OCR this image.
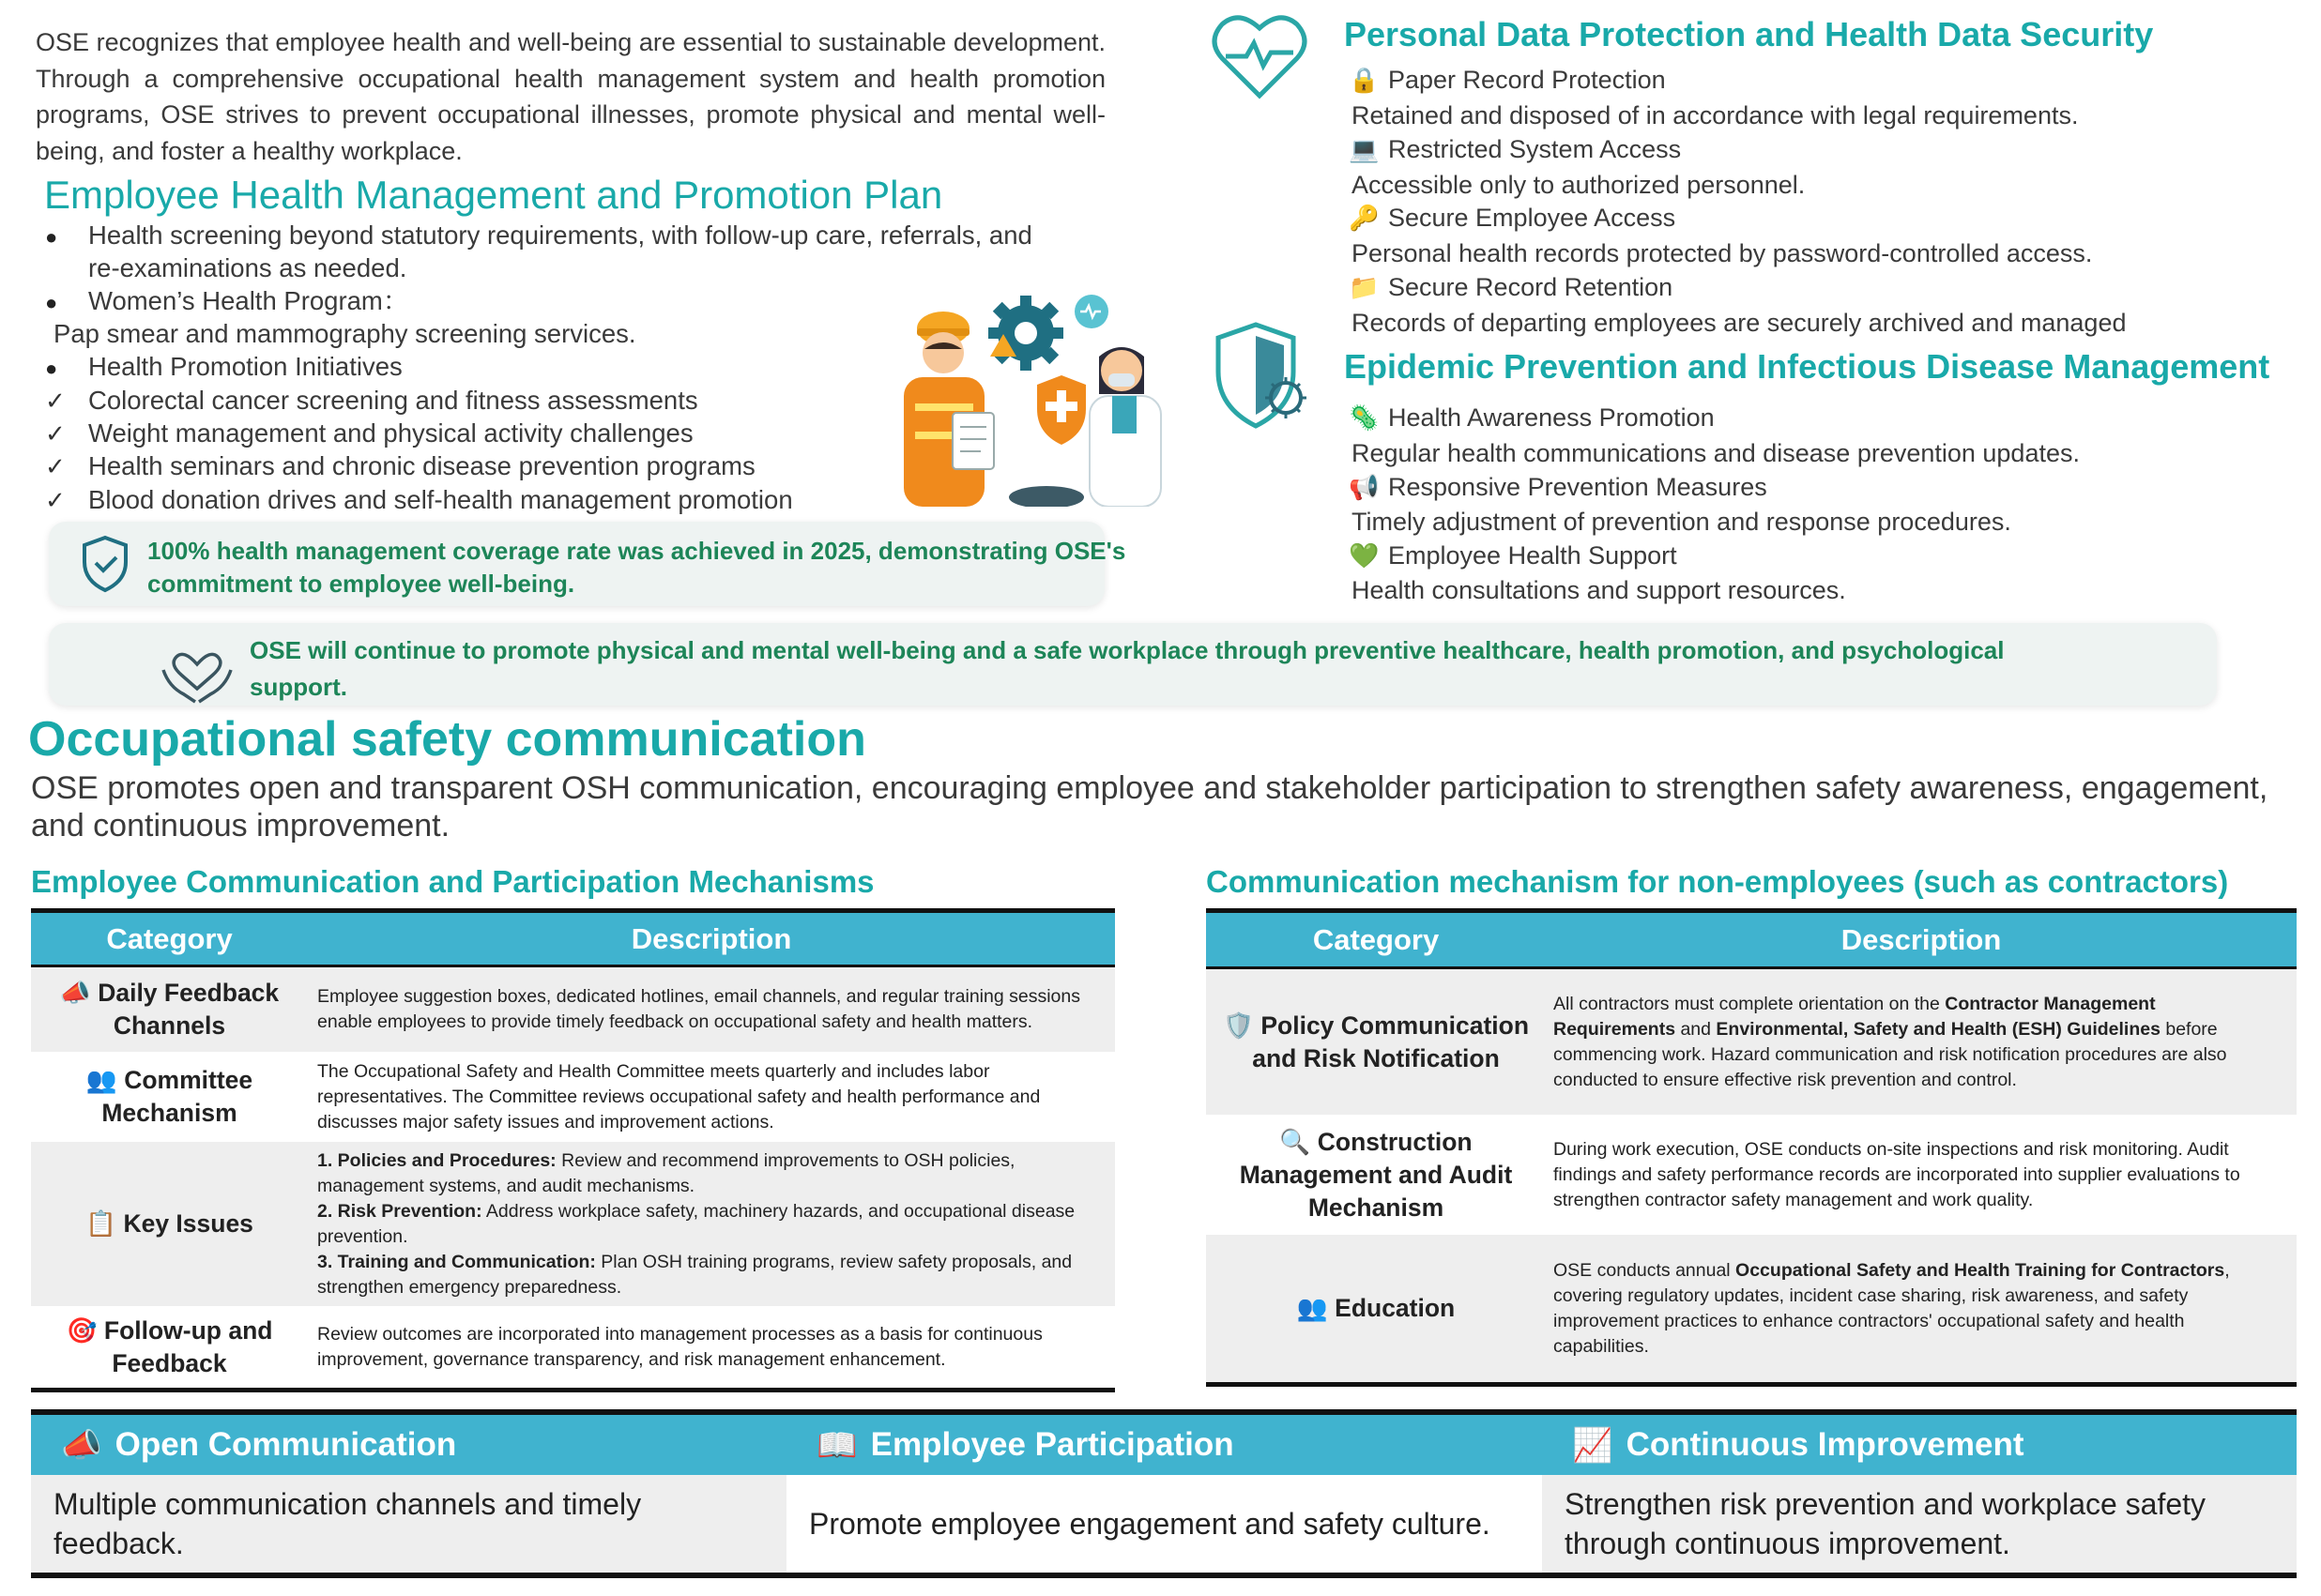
OSE recognizes that employee health and well-being are essential to sustainable development. Through a comprehensive occupational health management system and health promotion programs, OSE strives to prevent occupational illnesses, promote physical and mental well-being, and foster a healthy workplace.

Employee Health Management and Promotion Plan
● Health screening beyond statutory requirements, with follow-up care, referrals, and
re-examinations as needed.
● Women’s Health Program：
Pap smear and mammography screening services.
● Health Promotion Initiatives
✓ Colorectal cancer screening and fitness assessments
✓ Weight management and physical activity challenges
✓ Health seminars and chronic disease prevention programs
✓ Blood donation drives and self-health management promotion
100% health management coverage rate was achieved in 2025, demonstrating OSE's
commitment to employee well-being.
OSE will continue to promote physical and mental well-being and a safe workplace through preventive healthcare, health promotion, and psychological
support.
Personal Data Protection and Health Data Security
🔒 Paper Record Protection
Retained and disposed of in accordance with legal requirements.
💻 Restricted System Access
Accessible only to authorized personnel.
🔑 Secure Employee Access
Personal health records protected by password-controlled access.
📁 Secure Record Retention
Records of departing employees are securely archived and managed
Epidemic Prevention and Infectious Disease Management
🦠 Health Awareness Promotion
Regular health communications and disease prevention updates.
📢 Responsive Prevention Measures
Timely adjustment of prevention and response procedures.
💚 Employee Health Support
Health consultations and support resources.
Occupational safety communication

OSE promotes open and transparent OSH communication, encouraging employee and stakeholder participation to strengthen safety awareness, engagement, and continuous improvement.

Employee Communication and Participation Mechanisms
Category	Description
📣 Daily Feedback
Channels
Employee suggestion boxes, dedicated hotlines, email channels, and regular training sessions enable employees to provide timely feedback on occupational safety and health matters.
👥 Committee
Mechanism
The Occupational Safety and Health Committee meets quarterly and includes labor representatives. The Committee reviews occupational safety and health performance and discusses major safety issues and improvement actions.
📋 Key Issues
1. Policies and Procedures: Review and recommend improvements to OSH policies, management systems, and audit mechanisms.
2. Risk Prevention: Address workplace safety, machinery hazards, and occupational disease prevention.
3. Training and Communication: Plan OSH training programs, review safety proposals, and strengthen emergency preparedness.
🎯 Follow-up and
Feedback
Review outcomes are incorporated into management processes as a basis for continuous improvement, governance transparency, and risk management enhancement.
Communication mechanism for non-employees (such as contractors)
Category	Description
🛡️ Policy Communication
and Risk Notification
All contractors must complete orientation on the Contractor Management Requirements and Environmental, Safety and Health (ESH) Guidelines before commencing work. Hazard communication and risk notification procedures are also conducted to ensure effective risk prevention and control.
🔍 Construction
Management and Audit
Mechanism
During work execution, OSE conducts on-site inspections and risk monitoring. Audit findings and safety performance records are incorporated into supplier evaluations to strengthen contractor safety management and work quality.
👥 Education
OSE conducts annual Occupational Safety and Health Training for Contractors, covering regulatory updates, incident case sharing, risk awareness, and safety improvement practices to enhance contractors' occupational safety and health capabilities.
📣 Open Communication	📖 Employee Participation	📈 Continuous Improvement
Multiple communication channels and timely feedback.
Promote employee engagement and safety culture.
Strengthen risk prevention and workplace safety through continuous improvement.
